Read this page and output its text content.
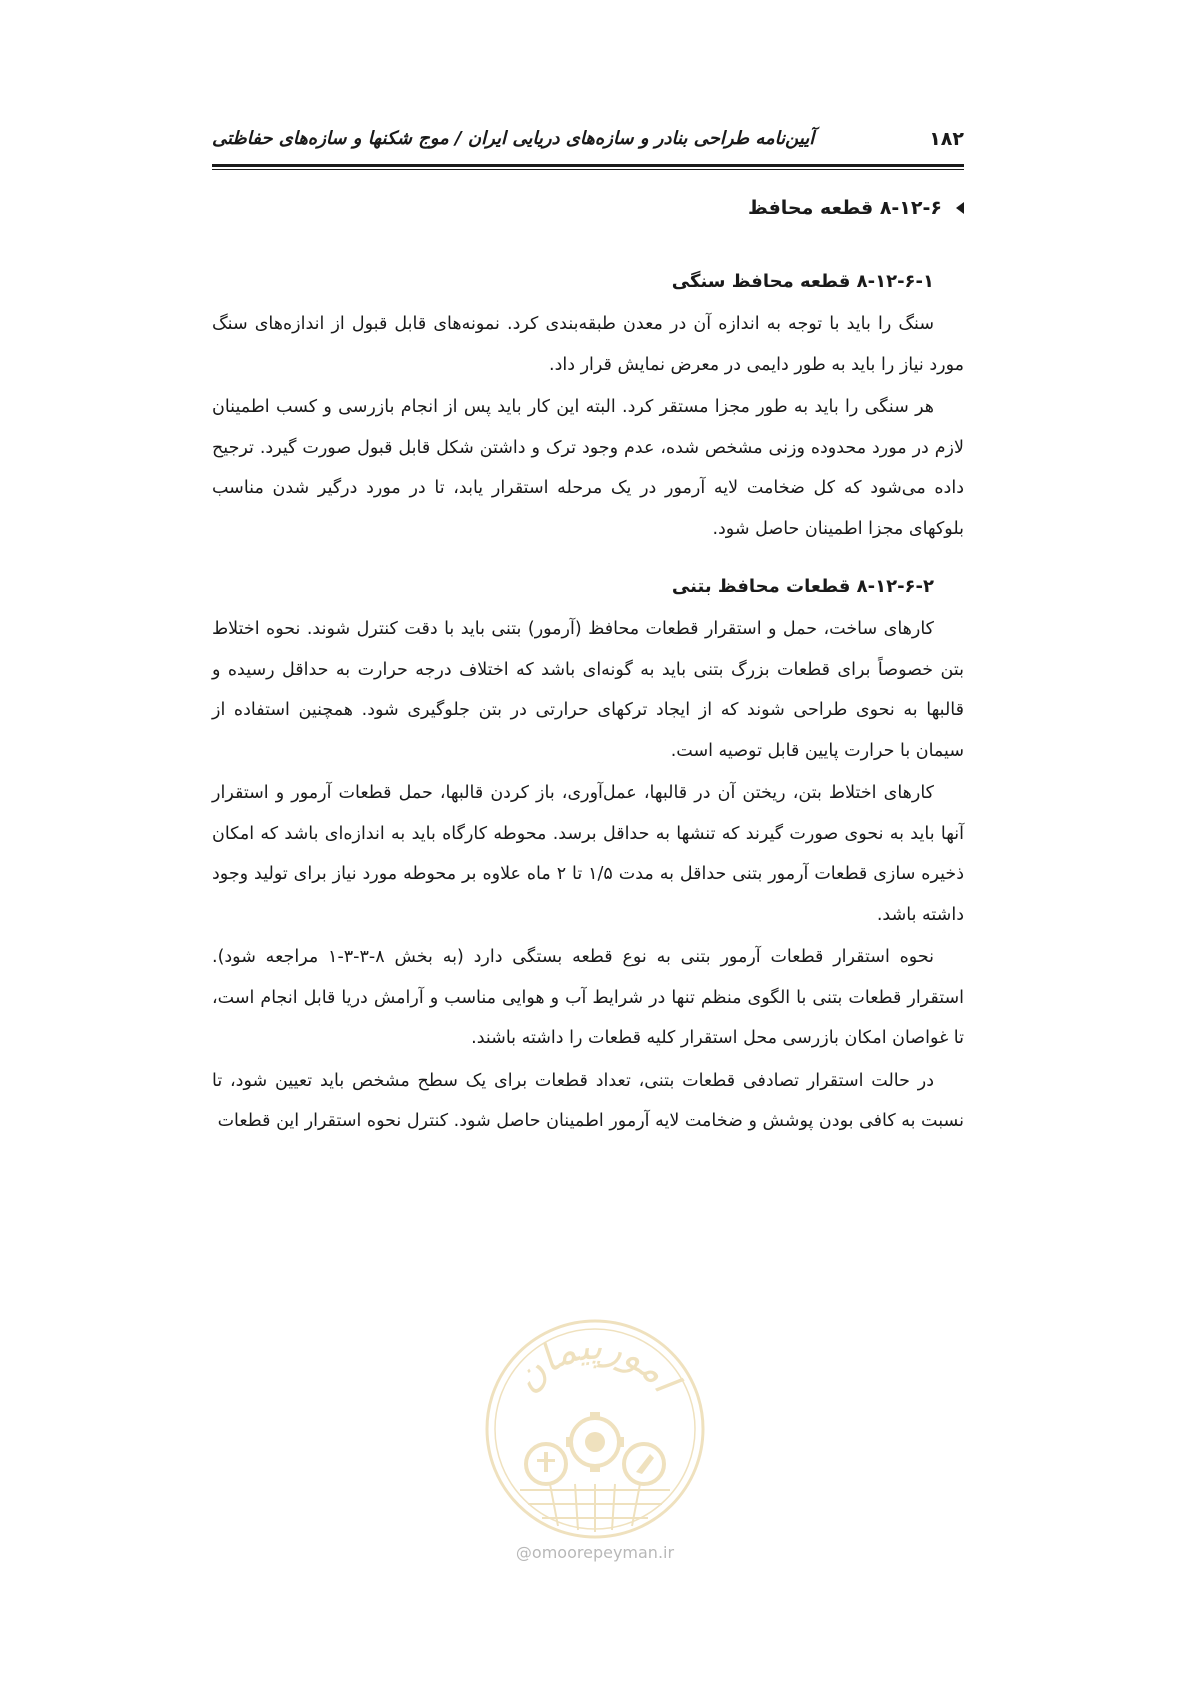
۱۸۲
آیین‌نامه طراحی بنادر و سازه‌های دریایی ایران / موج شکنها و سازه‌های حفاظتی
۸-۱۲-۶ قطعه محافظ
۸-۱۲-۶-۱ قطعه محافظ سنگی

سنگ را باید با توجه به اندازه آن در معدن طبقه‌بندی کرد. نمونه‌های قابل قبول از اندازه‌های سنگ مورد نیاز را باید به طور دایمی در معرض نمایش قرار داد.

هر سنگی را باید به طور مجزا مستقر کرد. البته این کار باید پس از انجام بازرسی و کسب اطمینان لازم در مورد محدوده وزنی مشخص شده، عدم وجود ترک و داشتن شکل قابل قبول صورت گیرد. ترجیح داده می‌شود که کل ضخامت لایه آرمور در یک مرحله استقرار یابد، تا در مورد درگیر شدن مناسب بلوکهای مجزا اطمینان حاصل شود.

۸-۱۲-۶-۲ قطعات محافظ بتنی

کارهای ساخت، حمل و استقرار قطعات محافظ (آرمور) بتنی باید با دقت کنترل شوند. نحوه اختلاط بتن خصوصاً برای قطعات بزرگ بتنی باید به گونه‌ای باشد که اختلاف درجه حرارت به حداقل رسیده و قالبها به نحوی طراحی شوند که از ایجاد ترکهای حرارتی در بتن جلوگیری شود. همچنین استفاده از سیمان با حرارت پایین قابل توصیه است.

کارهای اختلاط بتن، ریختن آن در قالبها، عمل‌آوری، باز کردن قالبها، حمل قطعات آرمور و استقرار آنها باید به نحوی صورت گیرند که تنشها به حداقل برسد. محوطه کارگاه باید به اندازه‌ای باشد که امکان ذخیره سازی قطعات آرمور بتنی حداقل به مدت ۱/۵ تا ۲ ماه علاوه بر محوطه مورد نیاز برای تولید وجود داشته باشد.

نحوه استقرار قطعات آرمور بتنی به نوع قطعه بستگی دارد (به بخش ۸-۳-۳-۱ مراجعه شود). استقرار قطعات بتنی با الگوی منظم تنها در شرایط آب و هوایی مناسب و آرامش دریا قابل انجام است، تا غواصان امکان بازرسی محل استقرار کلیه قطعات را داشته باشند.

در حالت استقرار تصادفی قطعات بتنی، تعداد قطعات برای یک سطح مشخص باید تعیین شود، تا نسبت به کافی بودن پوشش و ضخامت لایه آرمور اطمینان حاصل شود. کنترل نحوه استقرار این قطعات

امورپیمان
@omoorepeyman.ir
